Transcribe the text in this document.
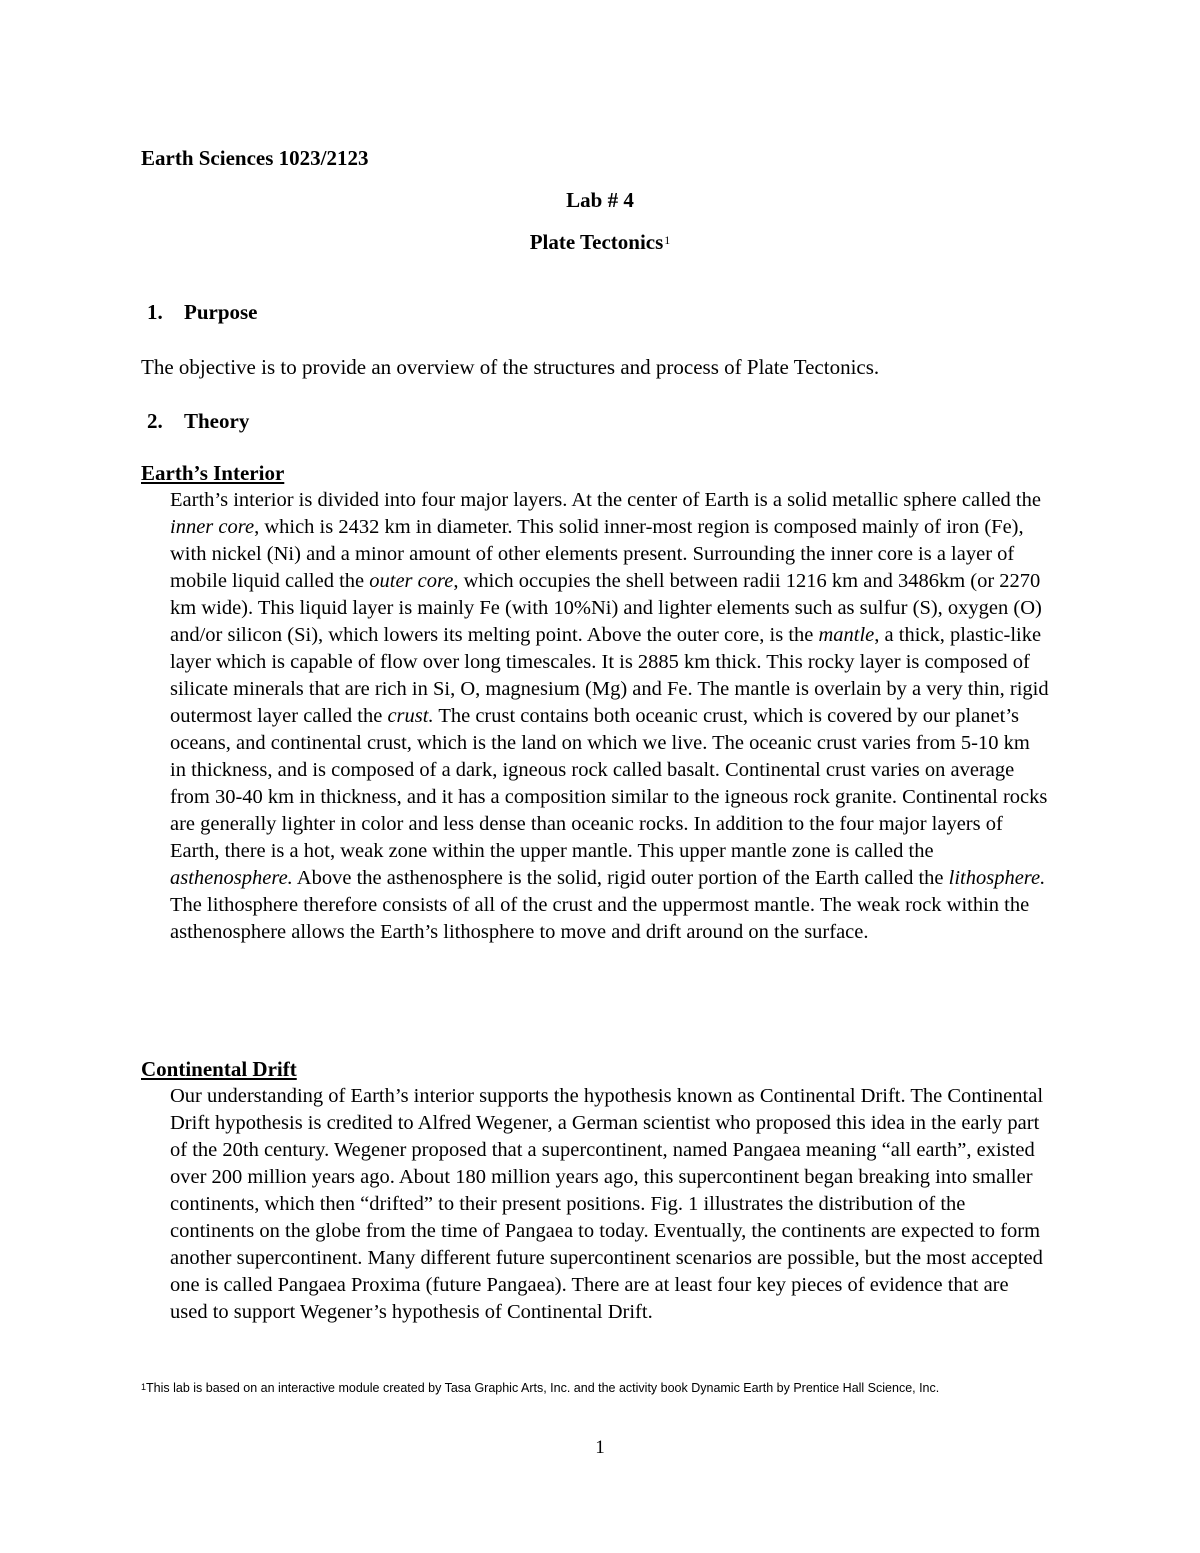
Earth Sciences 1023/2123
Lab # 4
Plate Tectonics$^1$
1. Purpose
The objective is to provide an overview of the structures and process of Plate Tectonics.
2. Theory
Earth’s Interior

Earth’s interior is divided into four major layers. At the center of Earth is a solid metallic sphere called the inner core, which is 2432 km in diameter. This solid inner-most region is composed mainly of iron (Fe), with nickel (Ni) and a minor amount of other elements present. Surrounding the inner core is a layer of mobile liquid called the outer core, which occupies the shell between radii 1216 km and 3486km (or 2270 km wide). This liquid layer is mainly Fe (with 10%Ni) and lighter elements such as sulfur (S), oxygen (O) and/or silicon (Si), which lowers its melting point. Above the outer core, is the mantle, a thick, plastic-like layer which is capable of flow over long timescales. It is 2885 km thick. This rocky layer is composed of silicate minerals that are rich in Si, O, magnesium (Mg) and Fe. The mantle is overlain by a very thin, rigid outermost layer called the crust. The crust contains both oceanic crust, which is covered by our planet’s oceans, and continental crust, which is the land on which we live. The oceanic crust varies from 5-10 km in thickness, and is composed of a dark, igneous rock called basalt. Continental crust varies on average from 30-40 km in thickness, and it has a composition similar to the igneous rock granite. Continental rocks are generally lighter in color and less dense than oceanic rocks. In addition to the four major layers of Earth, there is a hot, weak zone within the upper mantle. This upper mantle zone is called the asthenosphere. Above the asthenosphere is the solid, rigid outer portion of the Earth called the lithosphere. The lithosphere therefore consists of all of the crust and the uppermost mantle. The weak rock within the asthenosphere allows the Earth’s lithosphere to move and drift around on the surface.

Continental Drift

Our understanding of Earth’s interior supports the hypothesis known as Continental Drift. The Continental Drift hypothesis is credited to Alfred Wegener, a German scientist who proposed this idea in the early part of the 20th century. Wegener proposed that a supercontinent, named Pangaea meaning “all earth”, existed over 200 million years ago. About 180 million years ago, this supercontinent began breaking into smaller continents, which then “drifted” to their present positions. Fig. 1 illustrates the distribution of the continents on the globe from the time of Pangaea to today. Eventually, the continents are expected to form another supercontinent. Many different future supercontinent scenarios are possible, but the most accepted one is called Pangaea Proxima (future Pangaea). There are at least four key pieces of evidence that are used to support Wegener’s hypothesis of Continental Drift.

$^1$This lab is based on an interactive module created by Tasa Graphic Arts, Inc. and the activity book Dynamic Earth by Prentice Hall Science, Inc.
1
